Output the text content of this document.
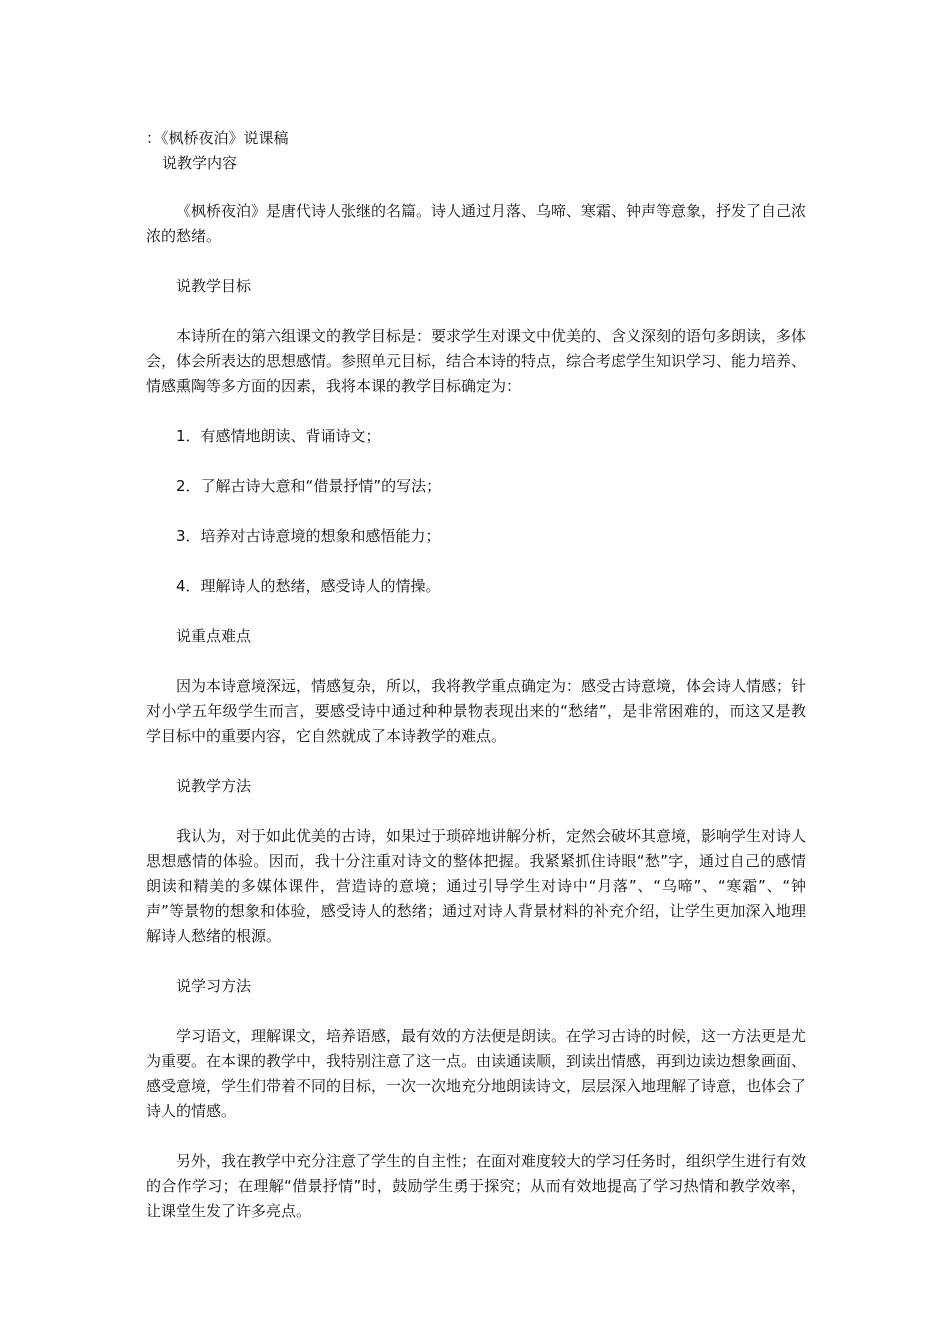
：《枫桥夜泊》说课稿
说教学内容

《枫桥夜泊》是唐代诗人张继的名篇。诗人通过月落、乌啼、寒霜、钟声等意象，抒发了自己浓浓的愁绪。

说教学目标

本诗所在的第六组课文的教学目标是：要求学生对课文中优美的、含义深刻的语句多朗读，多体会，体会所表达的思想感情。参照单元目标，结合本诗的特点，综合考虑学生知识学习、能力培养、情感熏陶等多方面的因素，我将本课的教学目标确定为：

1．有感情地朗读、背诵诗文；

2．了解古诗大意和“借景抒情”的写法；

3．培养对古诗意境的想象和感悟能力；

4．理解诗人的愁绪，感受诗人的情操。

说重点难点

因为本诗意境深远，情感复杂，所以，我将教学重点确定为：感受古诗意境，体会诗人情感；针对小学五年级学生而言，要感受诗中通过种种景物表现出来的“愁绪”，是非常困难的，而这又是教学目标中的重要内容，它自然就成了本诗教学的难点。

说教学方法

我认为，对于如此优美的古诗，如果过于琐碎地讲解分析，定然会破坏其意境，影响学生对诗人思想感情的体验。因而，我十分注重对诗文的整体把握。我紧紧抓住诗眼“愁”字，通过自己的感情朗读和精美的多媒体课件，营造诗的意境；通过引导学生对诗中“月落”、“乌啼”、“寒霜”、“钟声”等景物的想象和体验，感受诗人的愁绪；通过对诗人背景材料的补充介绍，让学生更加深入地理解诗人愁绪的根源。

说学习方法

学习语文，理解课文，培养语感，最有效的方法便是朗读。在学习古诗的时候，这一方法更是尤为重要。在本课的教学中，我特别注意了这一点。由读通读顺，到读出情感，再到边读边想象画面、感受意境，学生们带着不同的目标，一次一次地充分地朗读诗文，层层深入地理解了诗意，也体会了诗人的情感。

另外，我在教学中充分注意了学生的自主性；在面对难度较大的学习任务时，组织学生进行有效的合作学习；在理解“借景抒情”时，鼓励学生勇于探究；从而有效地提高了学习热情和教学效率，让课堂生发了许多亮点。
